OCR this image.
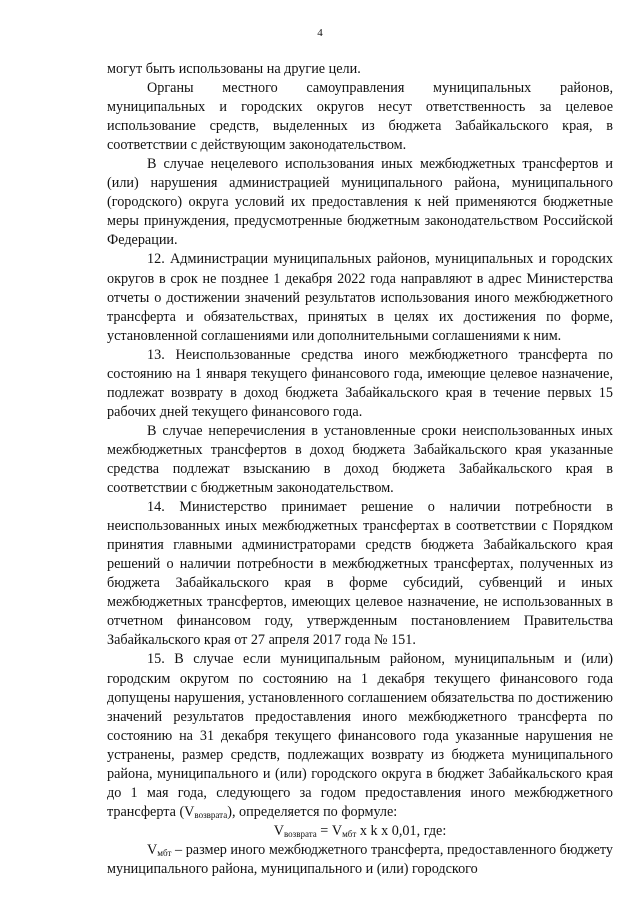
4

могут быть использованы на другие цели.

Органы местного самоуправления муниципальных районов, муниципальных и городских округов несут ответственность за целевое использование средств, выделенных из бюджета Забайкальского края, в соответствии с действующим законодательством.

В случае нецелевого использования иных межбюджетных трансфертов и (или) нарушения администрацией муниципального района, муниципального (городского) округа условий их предоставления к ней применяются бюджетные меры принуждения, предусмотренные бюджетным законодательством Российской Федерации.

12. Администрации муниципальных районов, муниципальных и городских округов в срок не позднее 1 декабря 2022 года направляют в адрес Министерства отчеты о достижении значений результатов использования иного межбюджетного трансферта и обязательствах, принятых в целях их достижения по форме, установленной соглашениями или дополнительными соглашениями к ним.

13. Неиспользованные средства иного межбюджетного трансферта по состоянию на 1 января текущего финансового года, имеющие целевое назначение, подлежат возврату в доход бюджета Забайкальского края в течение первых 15 рабочих дней текущего финансового года.

В случае неперечисления в установленные сроки неиспользованных иных межбюджетных трансфертов в доход бюджета Забайкальского края указанные средства подлежат взысканию в доход бюджета Забайкальского края в соответствии с бюджетным законодательством.

14. Министерство принимает решение о наличии потребности в неиспользованных иных межбюджетных трансфертах в соответствии с Порядком принятия главными администраторами средств бюджета Забайкальского края решений о наличии потребности в межбюджетных трансфертах, полученных из бюджета Забайкальского края в форме субсидий, субвенций и иных межбюджетных трансфертов, имеющих целевое назначение, не использованных в отчетном финансовом году, утвержденным постановлением Правительства Забайкальского края от 27 апреля 2017 года № 151.

15. В случае если муниципальным районом, муниципальным и (или) городским округом по состоянию на 1 декабря текущего финансового года допущены нарушения, установленного соглашением обязательства по достижению значений результатов предоставления иного межбюджетного трансферта по состоянию на 31 декабря текущего финансового года указанные нарушения не устранены, размер средств, подлежащих возврату из бюджета муниципального района, муниципального и (или) городского округа в бюджет Забайкальского края до 1 мая года, следующего за годом предоставления иного межбюджетного трансферта $(V_{возврата})$, определяется по формуле:

$V_{возврата} = V_{мбт}$ x k x 0,01, где:

$V_{мбт}$ – размер иного межбюджетного трансферта, предоставленного бюджету муниципального района, муниципального и (или) городского
